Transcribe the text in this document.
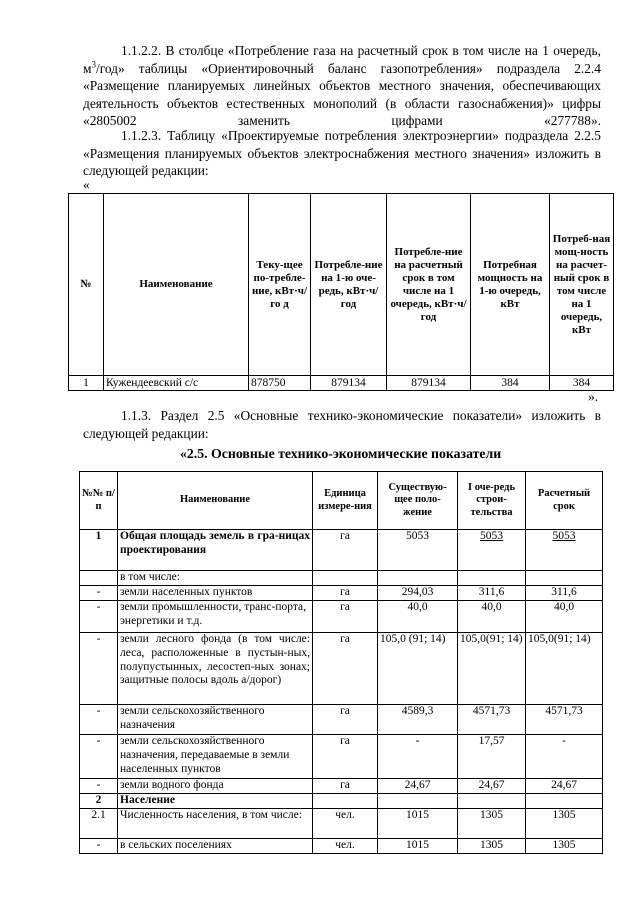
1.1.2.2. В столбце «Потребление газа на расчетный срок в том числе на 1 очередь, $м^3$/год» таблицы «Ориентировочный баланс газопотребления» подраздела 2.2.4 «Размещение планируемых линейных объектов местного значения, обеспечивающих деятельность объектов естественных монополий (в области газоснабжения)» цифры «2805002 заменить цифрами «277788».
1.1.2.3. Таблицу «Проектируемые потребления электроэнергии» подраздела 2.2.5 «Размещения планируемых объектов электроснабжения местного значения» изложить в следующей редакции:
«
№	Наименование	Теку-щее по-требле-ние, кВт·ч/го д	Потребле-ние на 1-ю оче-редь, кВт·ч/год	Потребле-ние на расчетный срок в том числе на 1 очередь, кВт·ч/год	Потребная мощность на 1-ю очередь, кВт	Потреб-ная мощ-ность на расчет-ный срок в том числе на 1 очередь, кВт
1	Кужендеевский с/с	878750	879134	879134	384	384
».
1.1.3. Раздел 2.5 «Основные технико-экономические показатели» изложить в следующей редакции:
«2.5. Основные технико-экономические показатели
№№ п/п	Наименование	Единица измере-ния	Существую-щее поло-жение	I оче-редь строи-тельства	Расчетный срок
1	Общая площадь земель в гра-ницах проектирования	га	5053	5053	5053
	в том числе:				
-	земли населенных пунктов	га	294,03	311,6	311,6
-	земли промышленности, транс-порта, энергетики и т.д.	га	40,0	40,0	40,0
-	земли лесного фонда (в том числе: леса, расположенные в пустын-ных, полупустынных, лесостеп-ных зонах; защитные полосы вдоль а/дорог)	га	105,0 (91; 14)	105,0(91; 14)	105,0(91; 14)
-	земли сельскохозяйственного назначения	га	4589,3	4571,73	4571,73
-	земли сельскохозяйственного назначения, передаваемые в земли населенных пунктов	га	-	17,57	-
-	земли водного фонда	га	24,67	24,67	24,67
2	Население				
2.1	Численность населения, в том числе:	чел.	1015	1305	1305
-	в сельских поселениях	чел.	1015	1305	1305
